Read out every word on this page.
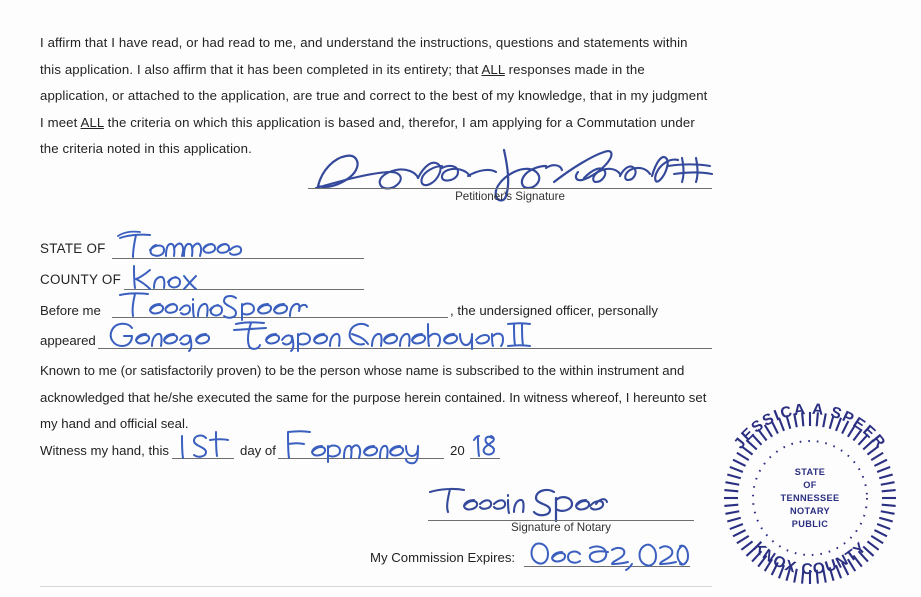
I affirm that I have read, or had read to me, and understand the instructions, questions and statements within this application. I also affirm that it has been completed in its entirety; that ALL responses made in the application, or attached to the application, are true and correct to the best of my knowledge, that in my judgment I meet ALL the criteria on which this application is based and, therefor, I am applying for a Commutation under the criteria noted in this application.
Petitioner's Signature
STATE OF
COUNTY OF
Before me	, the undersigned officer, personally
appeared
Known to me (or satisfactorily proven) to be the person whose name is subscribed to the within instrument and acknowledged that he/she executed the same for the purpose herein contained. In witness whereof, I hereunto set my hand and official seal.
Witness my hand, this	day of	20
Signature of Notary
My Commission Expires:
JESSICA A SPEER
KNOX COUNTY
STATE
OF
TENNESSEE
NOTARY
PUBLIC
